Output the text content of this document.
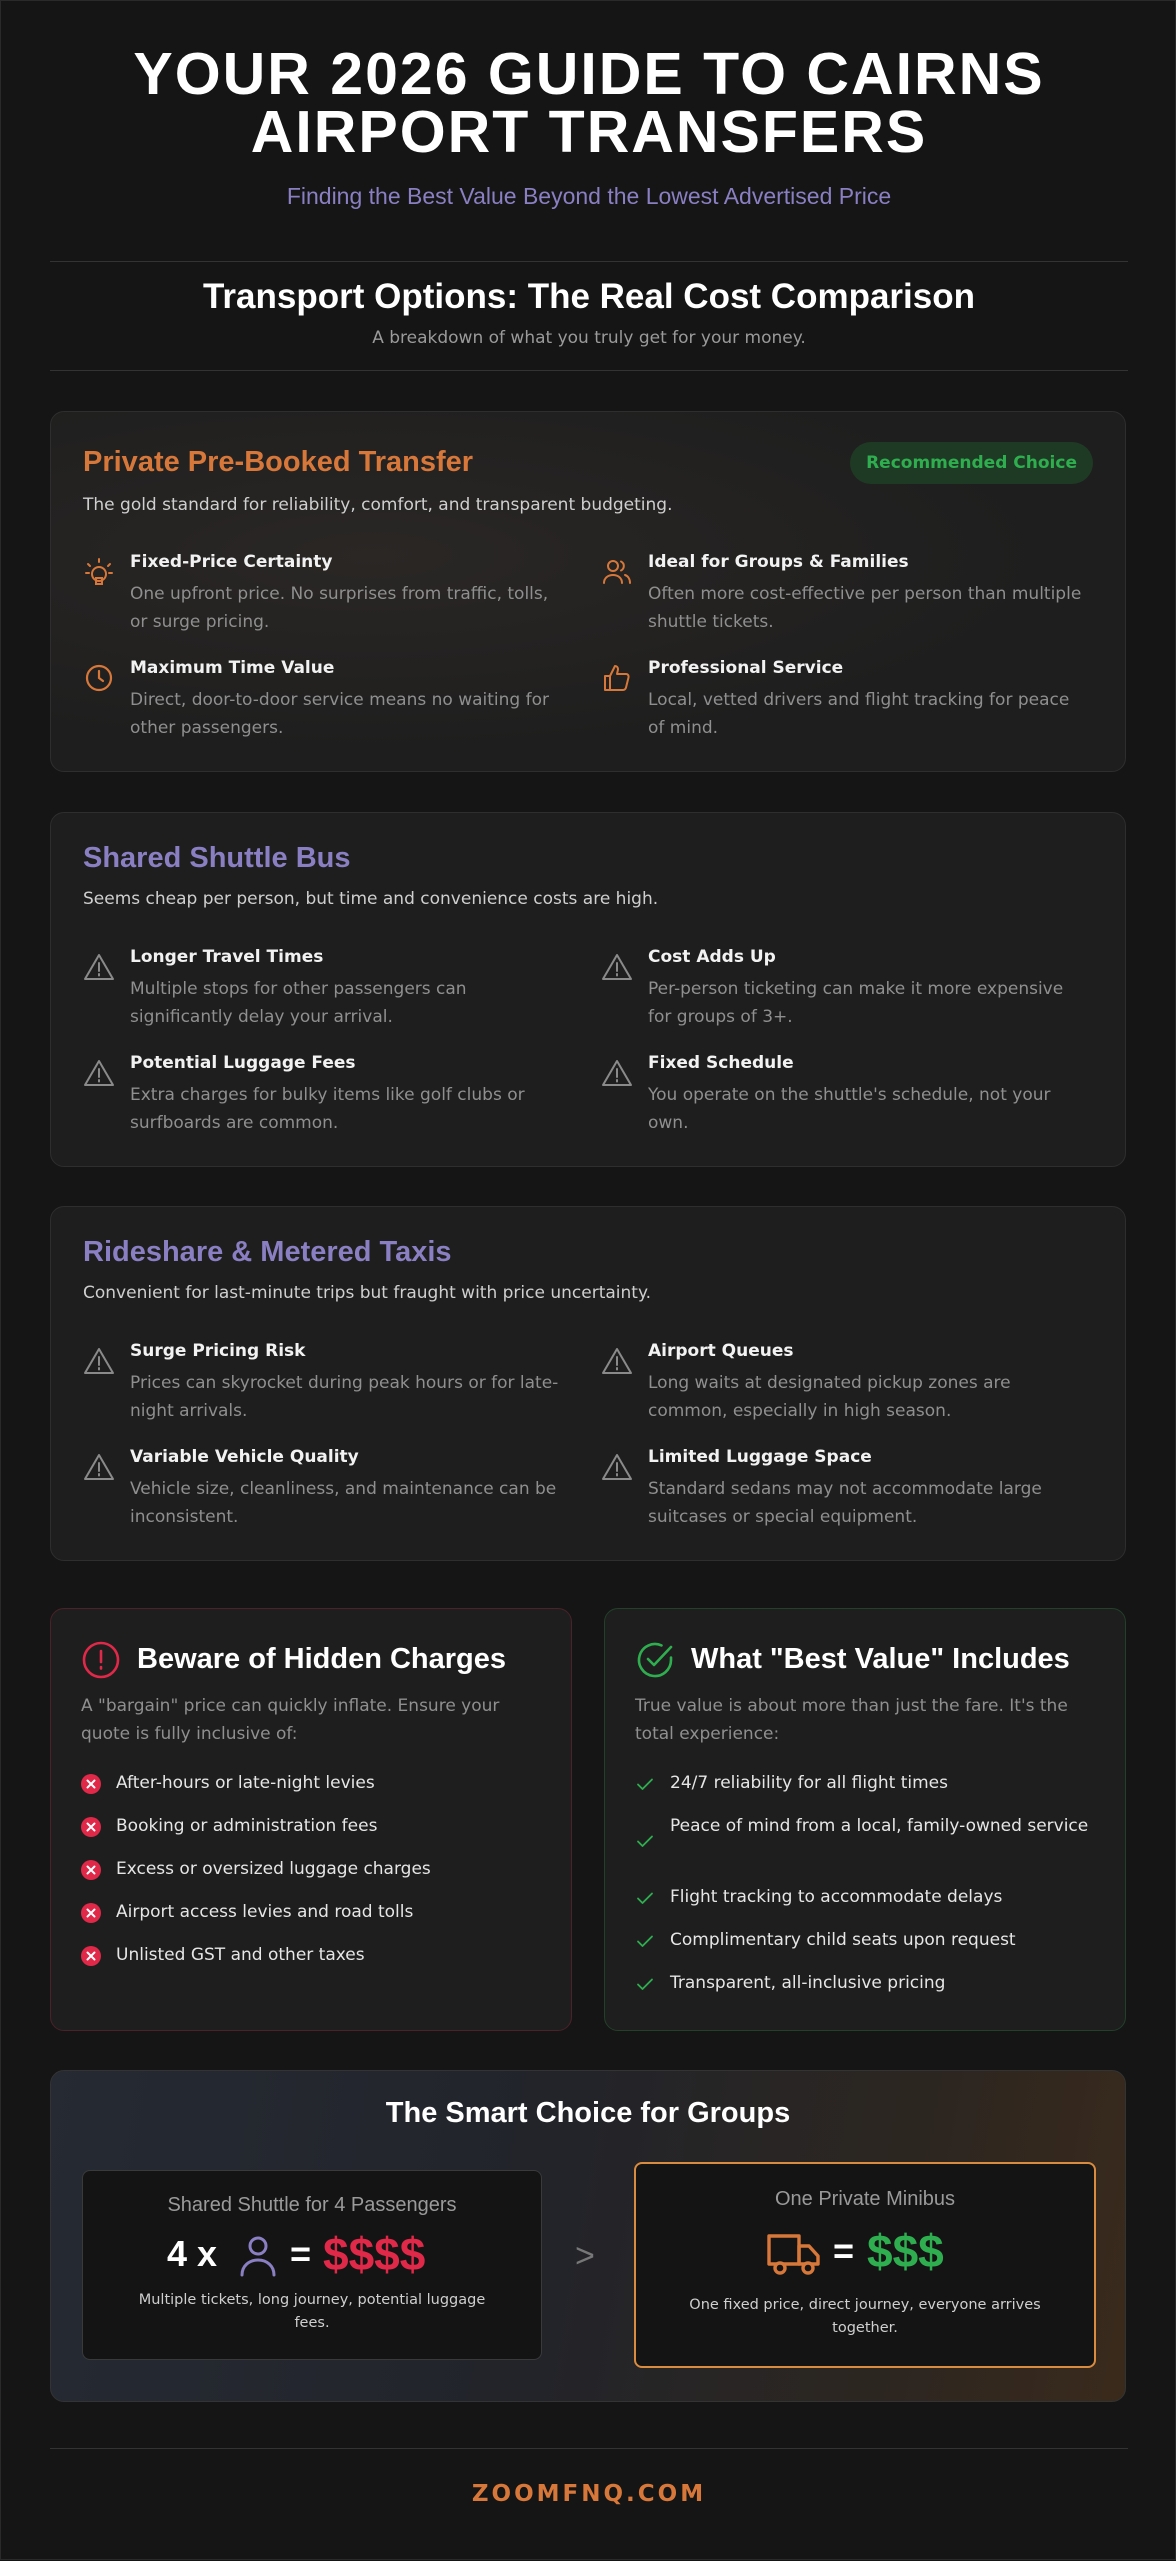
YOUR 2026 GUIDE TO CAIRNS
AIRPORT TRANSFERS
Finding the Best Value Beyond the Lowest Advertised Price
Transport Options: The Real Cost Comparison
A breakdown of what you truly get for your money.
Private Pre-Booked Transfer	Recommended Choice
The gold standard for reliability, comfort, and transparent budgeting.
Fixed-Price Certainty
One upfront price. No surprises from traffic, tolls, or surge pricing.
Ideal for Groups & Families
Often more cost-effective per person than multiple shuttle tickets.
Maximum Time Value
Direct, door-to-door service means no waiting for other passengers.
Professional Service
Local, vetted drivers and flight tracking for peace of mind.
Shared Shuttle Bus
Seems cheap per person, but time and convenience costs are high.
Longer Travel Times
Multiple stops for other passengers can significantly delay your arrival.
Cost Adds Up
Per-person ticketing can make it more expensive for groups of 3+.
Potential Luggage Fees
Extra charges for bulky items like golf clubs or surfboards are common.
Fixed Schedule
You operate on the shuttle's schedule, not your own.
Rideshare & Metered Taxis
Convenient for last-minute trips but fraught with price uncertainty.
Surge Pricing Risk
Prices can skyrocket during peak hours or for late-night arrivals.
Airport Queues
Long waits at designated pickup zones are common, especially in high season.
Variable Vehicle Quality
Vehicle size, cleanliness, and maintenance can be inconsistent.
Limited Luggage Space
Standard sedans may not accommodate large suitcases or special equipment.
Beware of Hidden Charges
A "bargain" price can quickly inflate. Ensure your quote is fully inclusive of:
After-hours or late-night levies
Booking or administration fees
Excess or oversized luggage charges
Airport access levies and road tolls
Unlisted GST and other taxes
What "Best Value" Includes
True value is about more than just the fare. It's the total experience:
24/7 reliability for all flight times
Peace of mind from a local, family-owned service
Flight tracking to accommodate delays
Complimentary child seats upon request
Transparent, all-inclusive pricing
The Smart Choice for Groups
Shared Shuttle for 4 Passengers
4 x = $$$$
Multiple tickets, long journey, potential luggage fees.
>
One Private Minibus
= $$$
One fixed price, direct journey, everyone arrives together.
ZOOMFNQ.COM
